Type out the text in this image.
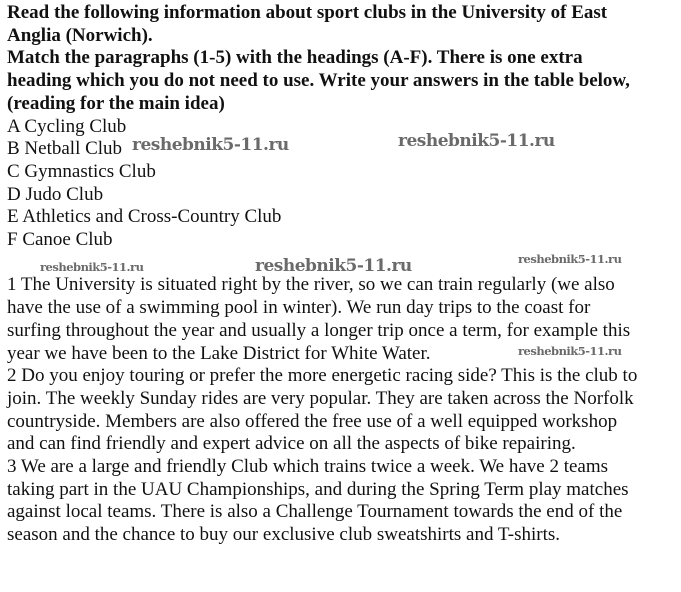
Read the following information about sport clubs in the University of East
Anglia (Norwich).
Match the paragraphs (1-5) with the headings (A-F). There is one extra
heading which you do not need to use. Write your answers in the table below,
(reading for the main idea)
A Cycling Club
B Netball Club
C Gymnastics Club
D Judo Club
E Athletics and Cross-Country Club
F Canoe Club
1 The University is situated right by the river, so we can train regularly (we also
have the use of a swimming pool in winter). We run day trips to the coast for
surfing throughout the year and usually a longer trip once a term, for example this
year we have been to the Lake District for White Water.
2 Do you enjoy touring or prefer the more energetic racing side? This is the club to
join. The weekly Sunday rides are very popular. They are taken across the Norfolk
countryside. Members are also offered the free use of a well equipped workshop
and can find friendly and expert advice on all the aspects of bike repairing.
3 We are a large and friendly Club which trains twice a week. We have 2 teams
taking part in the UAU Championships, and during the Spring Term play matches
against local teams. There is also a Challenge Tournament towards the end of the
season and the chance to buy our exclusive club sweatshirts and T-shirts.
reshebnik5-11.ru	reshebnik5-11.ru
reshebnik5-11.ru	reshebnik5-11.ru	reshebnik5-11.ru
reshebnik5-11.ru
